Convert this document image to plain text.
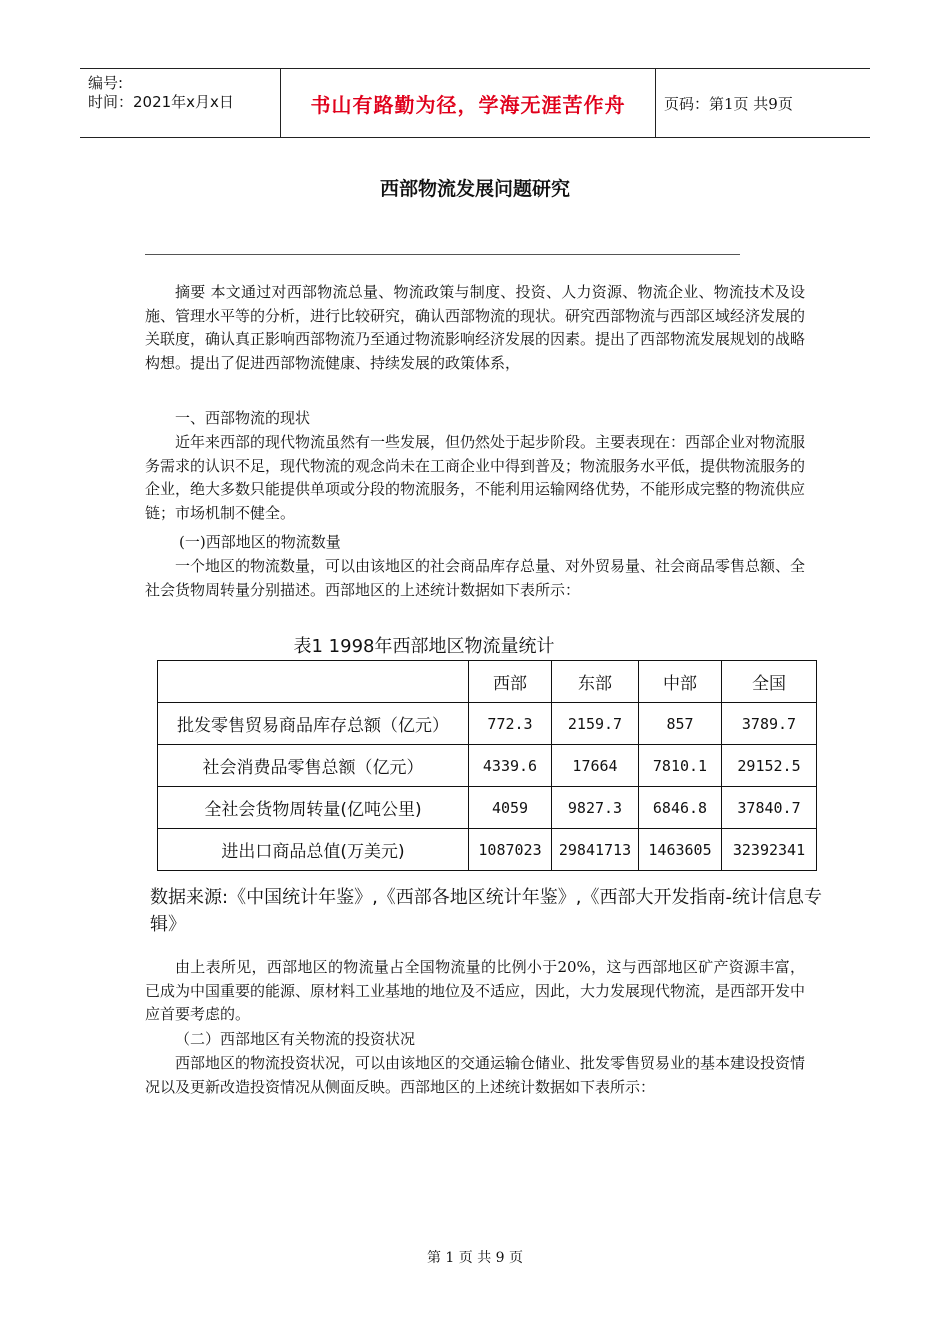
编号:
时间：2021年x月x日	书山有路勤为径，学海无涯苦作舟	页码：第1页 共9页
西部物流发展问题研究

摘要 本文通过对西部物流总量、物流政策与制度、投资、人力资源、物流企业、物流技术及设施、管理水平等的分析，进行比较研究，确认西部物流的现状。研究西部物流与西部区域经济发展的关联度，确认真正影响西部物流乃至通过物流影响经济发展的因素。提出了西部物流发展规划的战略构想。提出了促进西部物流健康、持续发展的政策体系，

一、西部物流的现状

近年来西部的现代物流虽然有一些发展，但仍然处于起步阶段。主要表现在：西部企业对物流服务需求的认识不足，现代物流的观念尚未在工商企业中得到普及；物流服务水平低，提供物流服务的企业，绝大多数只能提供单项或分段的物流服务，不能利用运输网络优势，不能形成完整的物流供应链；市场机制不健全。

(一)西部地区的物流数量

一个地区的物流数量，可以由该地区的社会商品库存总量、对外贸易量、社会商品零售总额、全社会货物周转量分别描述。西部地区的上述统计数据如下表所示：

表1 1998年西部地区物流量统计
	西部	东部	中部	全国
批发零售贸易商品库存总额（亿元）	772.3	2159.7	857	3789.7
社会消费品零售总额（亿元）	4339.6	17664	7810.1	29152.5
全社会货物周转量(亿吨公里)	4059	9827.3	6846.8	37840.7
进出口商品总值(万美元)	1087023	29841713	1463605	32392341

数据来源:《中国统计年鉴》,《西部各地区统计年鉴》,《西部大开发指南-统计信息专辑》

由上表所见，西部地区的物流量占全国物流量的比例小于20%，这与西部地区矿产资源丰富，已成为中国重要的能源、原材料工业基地的地位及不适应，因此，大力发展现代物流，是西部开发中应首要考虑的。

（二）西部地区有关物流的投资状况

西部地区的物流投资状况，可以由该地区的交通运输仓储业、批发零售贸易业的基本建设投资情况以及更新改造投资情况从侧面反映。西部地区的上述统计数据如下表所示：

第 1 页 共 9 页
